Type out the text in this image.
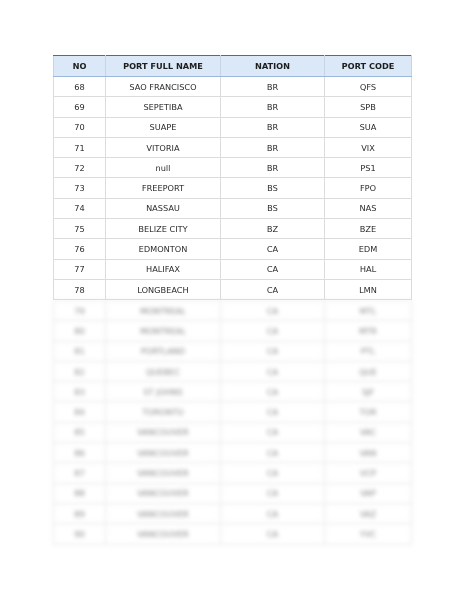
NO	PORT FULL NAME	NATION	PORT CODE
68	SAO FRANCISCO	BR	QFS
69	SEPETIBA	BR	SPB
70	SUAPE	BR	SUA
71	VITORIA	BR	VIX
72	null	BR	PS1
73	FREEPORT	BS	FPO
74	NASSAU	BS	NAS
75	BELIZE CITY	BZ	BZE
76	EDMONTON	CA	EDM
77	HALIFAX	CA	HAL
78	LONGBEACH	CA	LMN
79	MONTREAL	CA	MTL
80	MONTREAL	CA	MTR
81	PORTLAND	CA	PTL
82	QUEBEC	CA	QUE
83	ST JOHNS	CA	SJF
84	TORONTO	CA	TOR
85	VANCOUVER	CA	VAC
86	VANCOUVER	CA	VAN
87	VANCOUVER	CA	VCP
88	VANCOUVER	CA	VAP
89	VANCOUVER	CA	VAZ
90	VANCOUVER	CA	YVC
